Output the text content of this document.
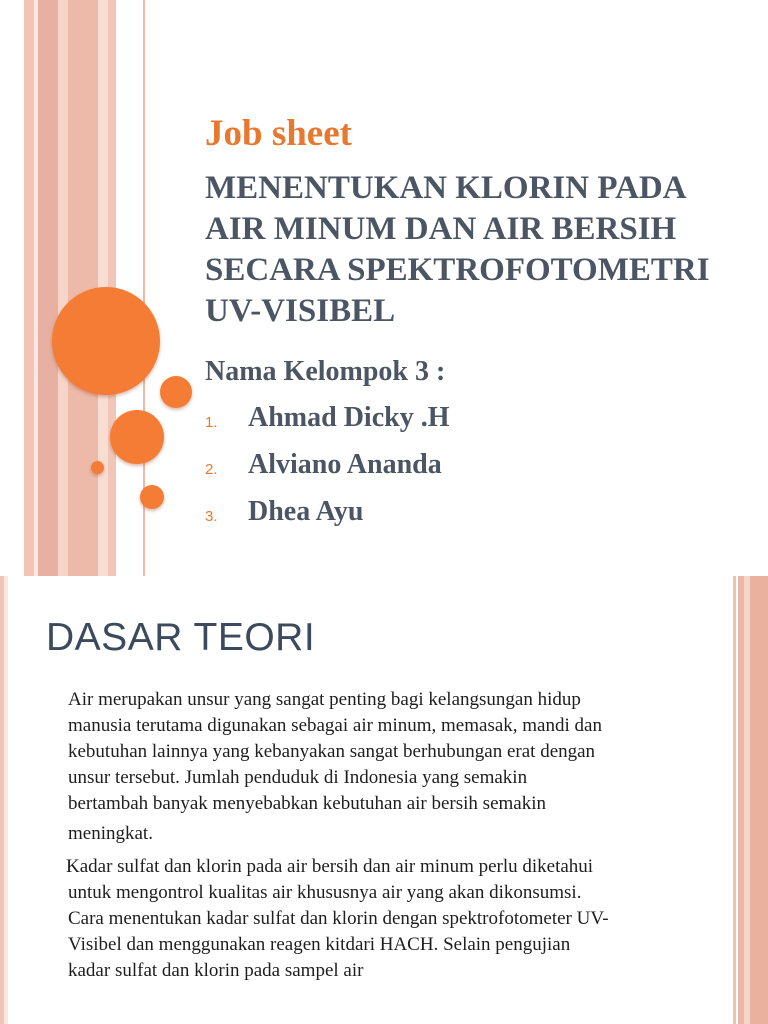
Job sheet
MENENTUKAN KLORIN PADA
AIR MINUM DAN AIR BERSIH
SECARA SPEKTROFOTOMETRI
UV-VISIBEL
Nama Kelompok 3 :
1. Ahmad Dicky .H
2. Alviano Ananda
3. Dhea Ayu
DASAR TEORI
Air merupakan unsur yang sangat penting bagi kelangsungan hidup
manusia terutama digunakan sebagai air minum, memasak, mandi dan
kebutuhan lainnya yang kebanyakan sangat berhubungan erat dengan
unsur tersebut. Jumlah penduduk di Indonesia yang semakin
bertambah banyak menyebabkan kebutuhan air bersih semakin
meningkat.
Kadar sulfat dan klorin pada air bersih dan air minum perlu diketahui
untuk mengontrol kualitas air khususnya air yang akan dikonsumsi.
Cara menentukan kadar sulfat dan klorin dengan spektrofotometer UV-
Visibel dan menggunakan reagen kitdari HACH. Selain pengujian
kadar sulfat dan klorin pada sampel air
